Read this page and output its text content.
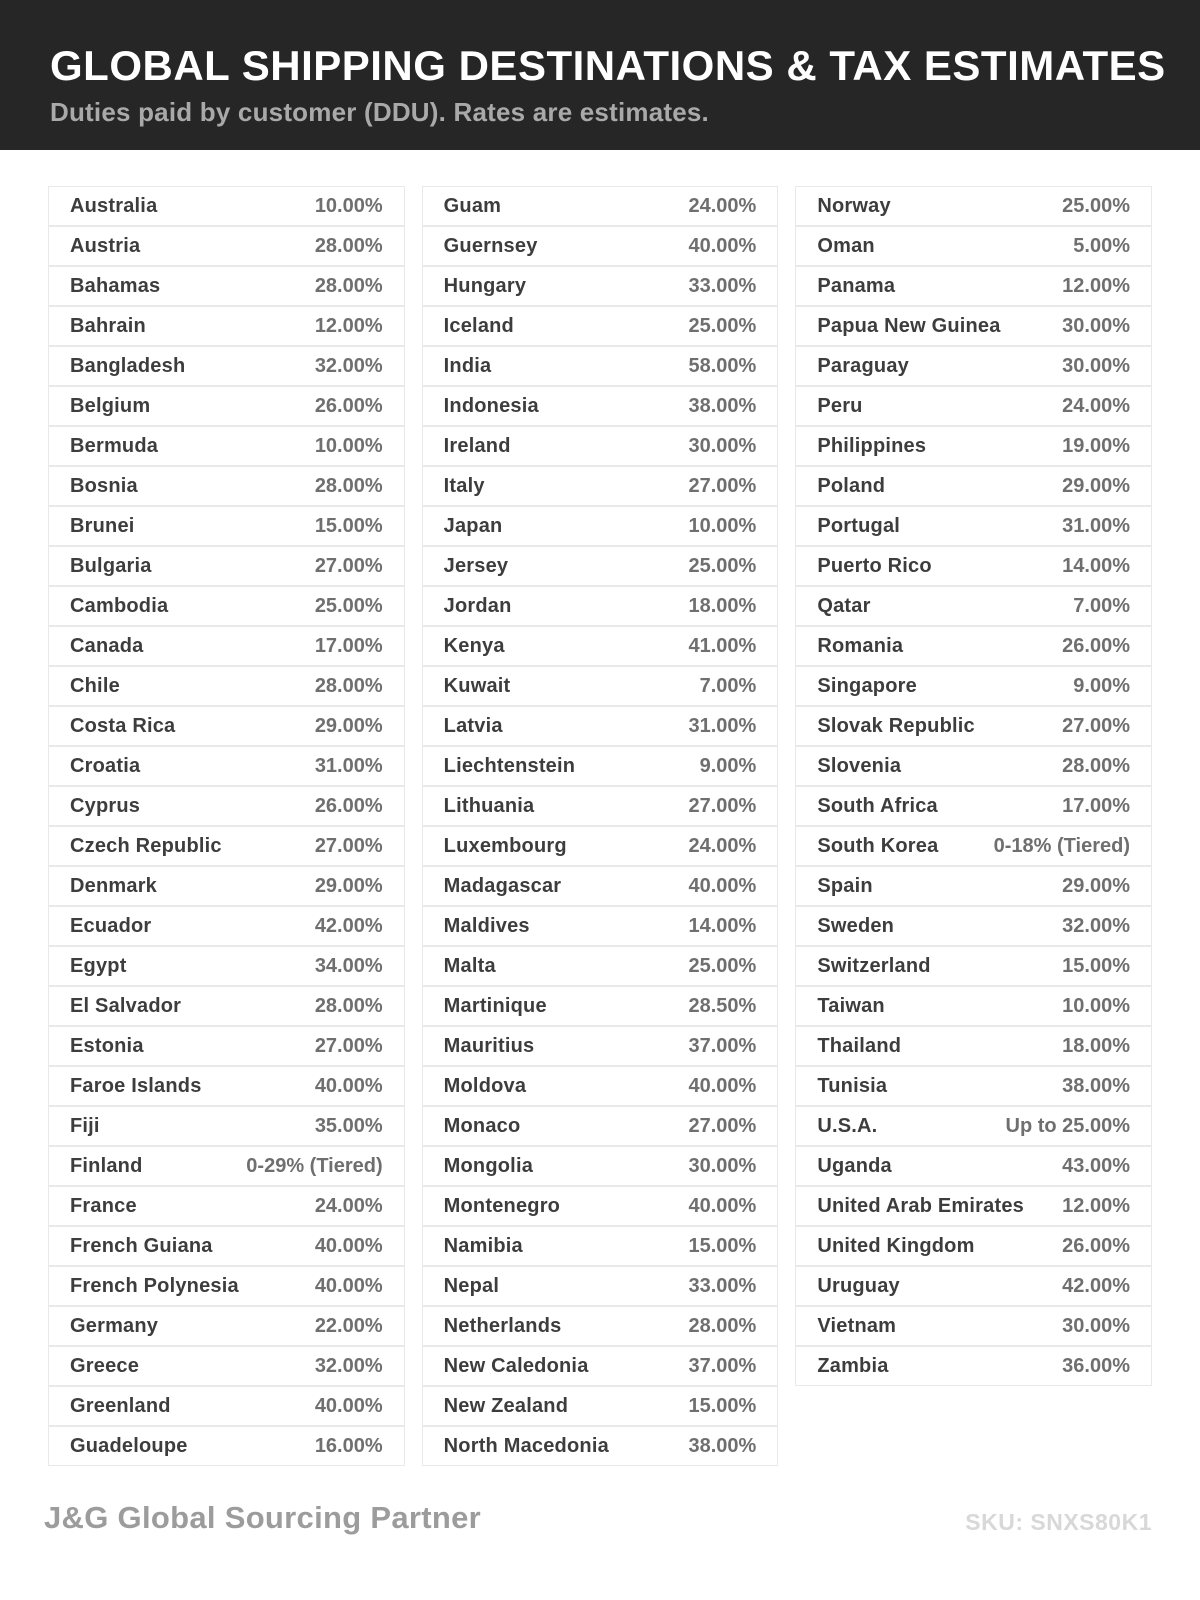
GLOBAL SHIPPING DESTINATIONS & TAX ESTIMATES
Duties paid by customer (DDU). Rates are estimates.
Australia	10.00%
Austria	28.00%
Bahamas	28.00%
Bahrain	12.00%
Bangladesh	32.00%
Belgium	26.00%
Bermuda	10.00%
Bosnia	28.00%
Brunei	15.00%
Bulgaria	27.00%
Cambodia	25.00%
Canada	17.00%
Chile	28.00%
Costa Rica	29.00%
Croatia	31.00%
Cyprus	26.00%
Czech Republic	27.00%
Denmark	29.00%
Ecuador	42.00%
Egypt	34.00%
El Salvador	28.00%
Estonia	27.00%
Faroe Islands	40.00%
Fiji	35.00%
Finland	0-29% (Tiered)
France	24.00%
French Guiana	40.00%
French Polynesia	40.00%
Germany	22.00%
Greece	32.00%
Greenland	40.00%
Guadeloupe	16.00%
Guam	24.00%
Guernsey	40.00%
Hungary	33.00%
Iceland	25.00%
India	58.00%
Indonesia	38.00%
Ireland	30.00%
Italy	27.00%
Japan	10.00%
Jersey	25.00%
Jordan	18.00%
Kenya	41.00%
Kuwait	7.00%
Latvia	31.00%
Liechtenstein	9.00%
Lithuania	27.00%
Luxembourg	24.00%
Madagascar	40.00%
Maldives	14.00%
Malta	25.00%
Martinique	28.50%
Mauritius	37.00%
Moldova	40.00%
Monaco	27.00%
Mongolia	30.00%
Montenegro	40.00%
Namibia	15.00%
Nepal	33.00%
Netherlands	28.00%
New Caledonia	37.00%
New Zealand	15.00%
North Macedonia	38.00%
Norway	25.00%
Oman	5.00%
Panama	12.00%
Papua New Guinea	30.00%
Paraguay	30.00%
Peru	24.00%
Philippines	19.00%
Poland	29.00%
Portugal	31.00%
Puerto Rico	14.00%
Qatar	7.00%
Romania	26.00%
Singapore	9.00%
Slovak Republic	27.00%
Slovenia	28.00%
South Africa	17.00%
South Korea	0-18% (Tiered)
Spain	29.00%
Sweden	32.00%
Switzerland	15.00%
Taiwan	10.00%
Thailand	18.00%
Tunisia	38.00%
U.S.A.	Up to 25.00%
Uganda	43.00%
United Arab Emirates 12.00%
United Kingdom	26.00%
Uruguay	42.00%
Vietnam	30.00%
Zambia	36.00%
J&G Global Sourcing Partner	SKU: SNXS80K1
